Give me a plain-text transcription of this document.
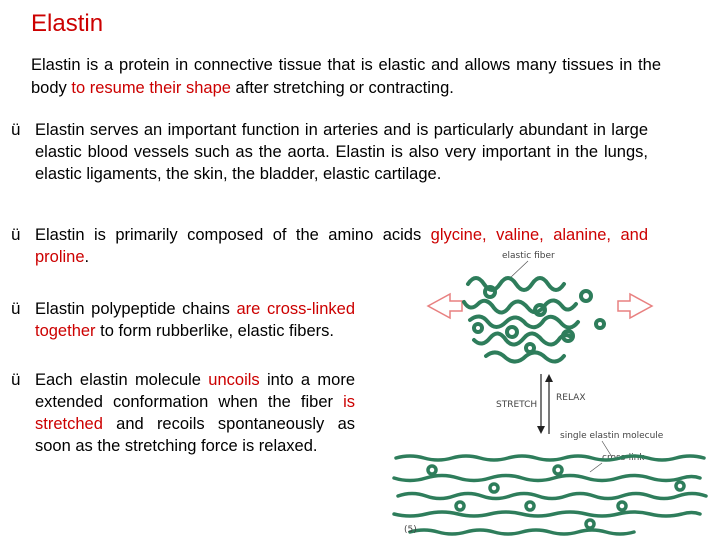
Elastin
Elastin is a protein in connective tissue that is elastic and allows many tissues in the body to resume their shape after stretching or contracting.
ü Elastin serves an important function in arteries and is particularly abundant in large elastic blood vessels such as the aorta. Elastin is also very important in the lungs, elastic ligaments, the skin, the bladder, elastic cartilage.
ü Elastin is primarily composed of the amino acids glycine, valine, alanine, and proline.
ü Elastin polypeptide chains are cross-linked together to form rubberlike, elastic fibers.
ü Each elastin molecule uncoils into a more extended conformation when the fiber is stretched and recoils spontaneously as soon as the stretching force is relaxed.
elastic fiber
STRETCH
RELAX
single elastin molecule
cross-link
(5)
